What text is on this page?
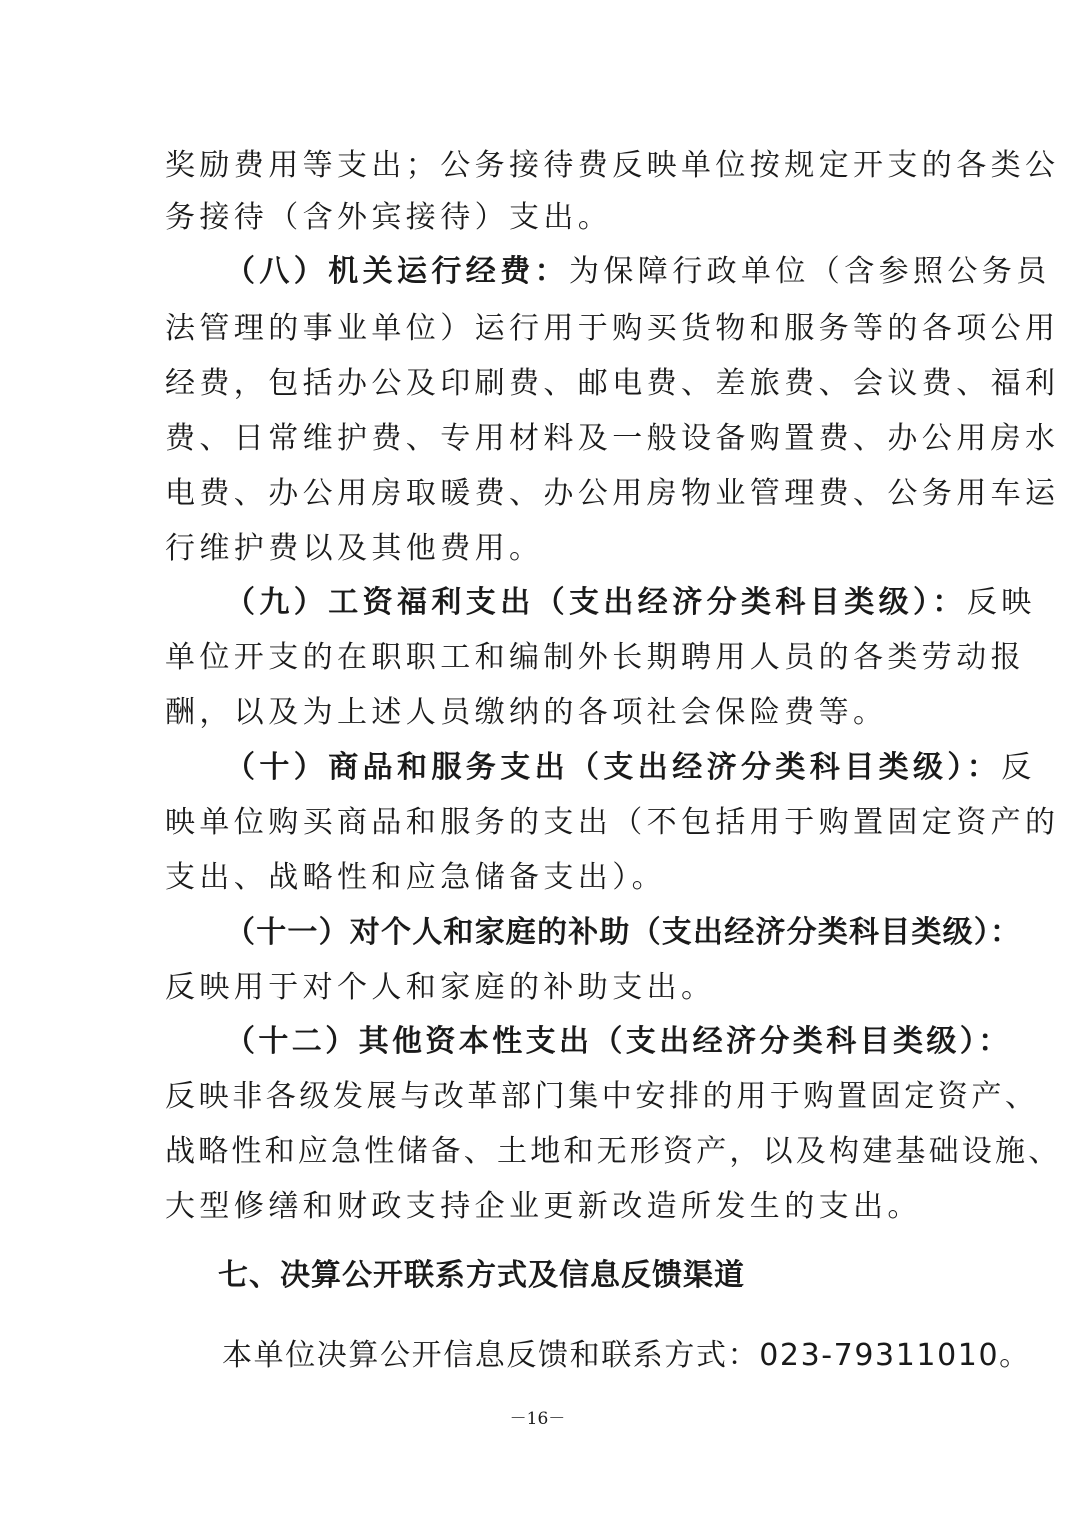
奖励费用等支出；公务接待费反映单位按规定开支的各类公
务接待（含外宾接待）支出。
（八）机关运行经费：为保障行政单位（含参照公务员
法管理的事业单位）运行用于购买货物和服务等的各项公用
经费，包括办公及印刷费、邮电费、差旅费、会议费、福利
费、日常维护费、专用材料及一般设备购置费、办公用房水
电费、办公用房取暖费、办公用房物业管理费、公务用车运
行维护费以及其他费用。
（九）工资福利支出（支出经济分类科目类级）：反映
单位开支的在职职工和编制外长期聘用人员的各类劳动报
酬，以及为上述人员缴纳的各项社会保险费等。
（十）商品和服务支出（支出经济分类科目类级）：反
映单位购买商品和服务的支出（不包括用于购置固定资产的
支出、战略性和应急储备支出）。
（十一）对个人和家庭的补助（支出经济分类科目类级）：
反映用于对个人和家庭的补助支出。
（十二）其他资本性支出（支出经济分类科目类级）：
反映非各级发展与改革部门集中安排的用于购置固定资产、
战略性和应急性储备、土地和无形资产，以及构建基础设施、
大型修缮和财政支持企业更新改造所发生的支出。
七、决算公开联系方式及信息反馈渠道
本单位决算公开信息反馈和联系方式：023-79311010。
－16－
